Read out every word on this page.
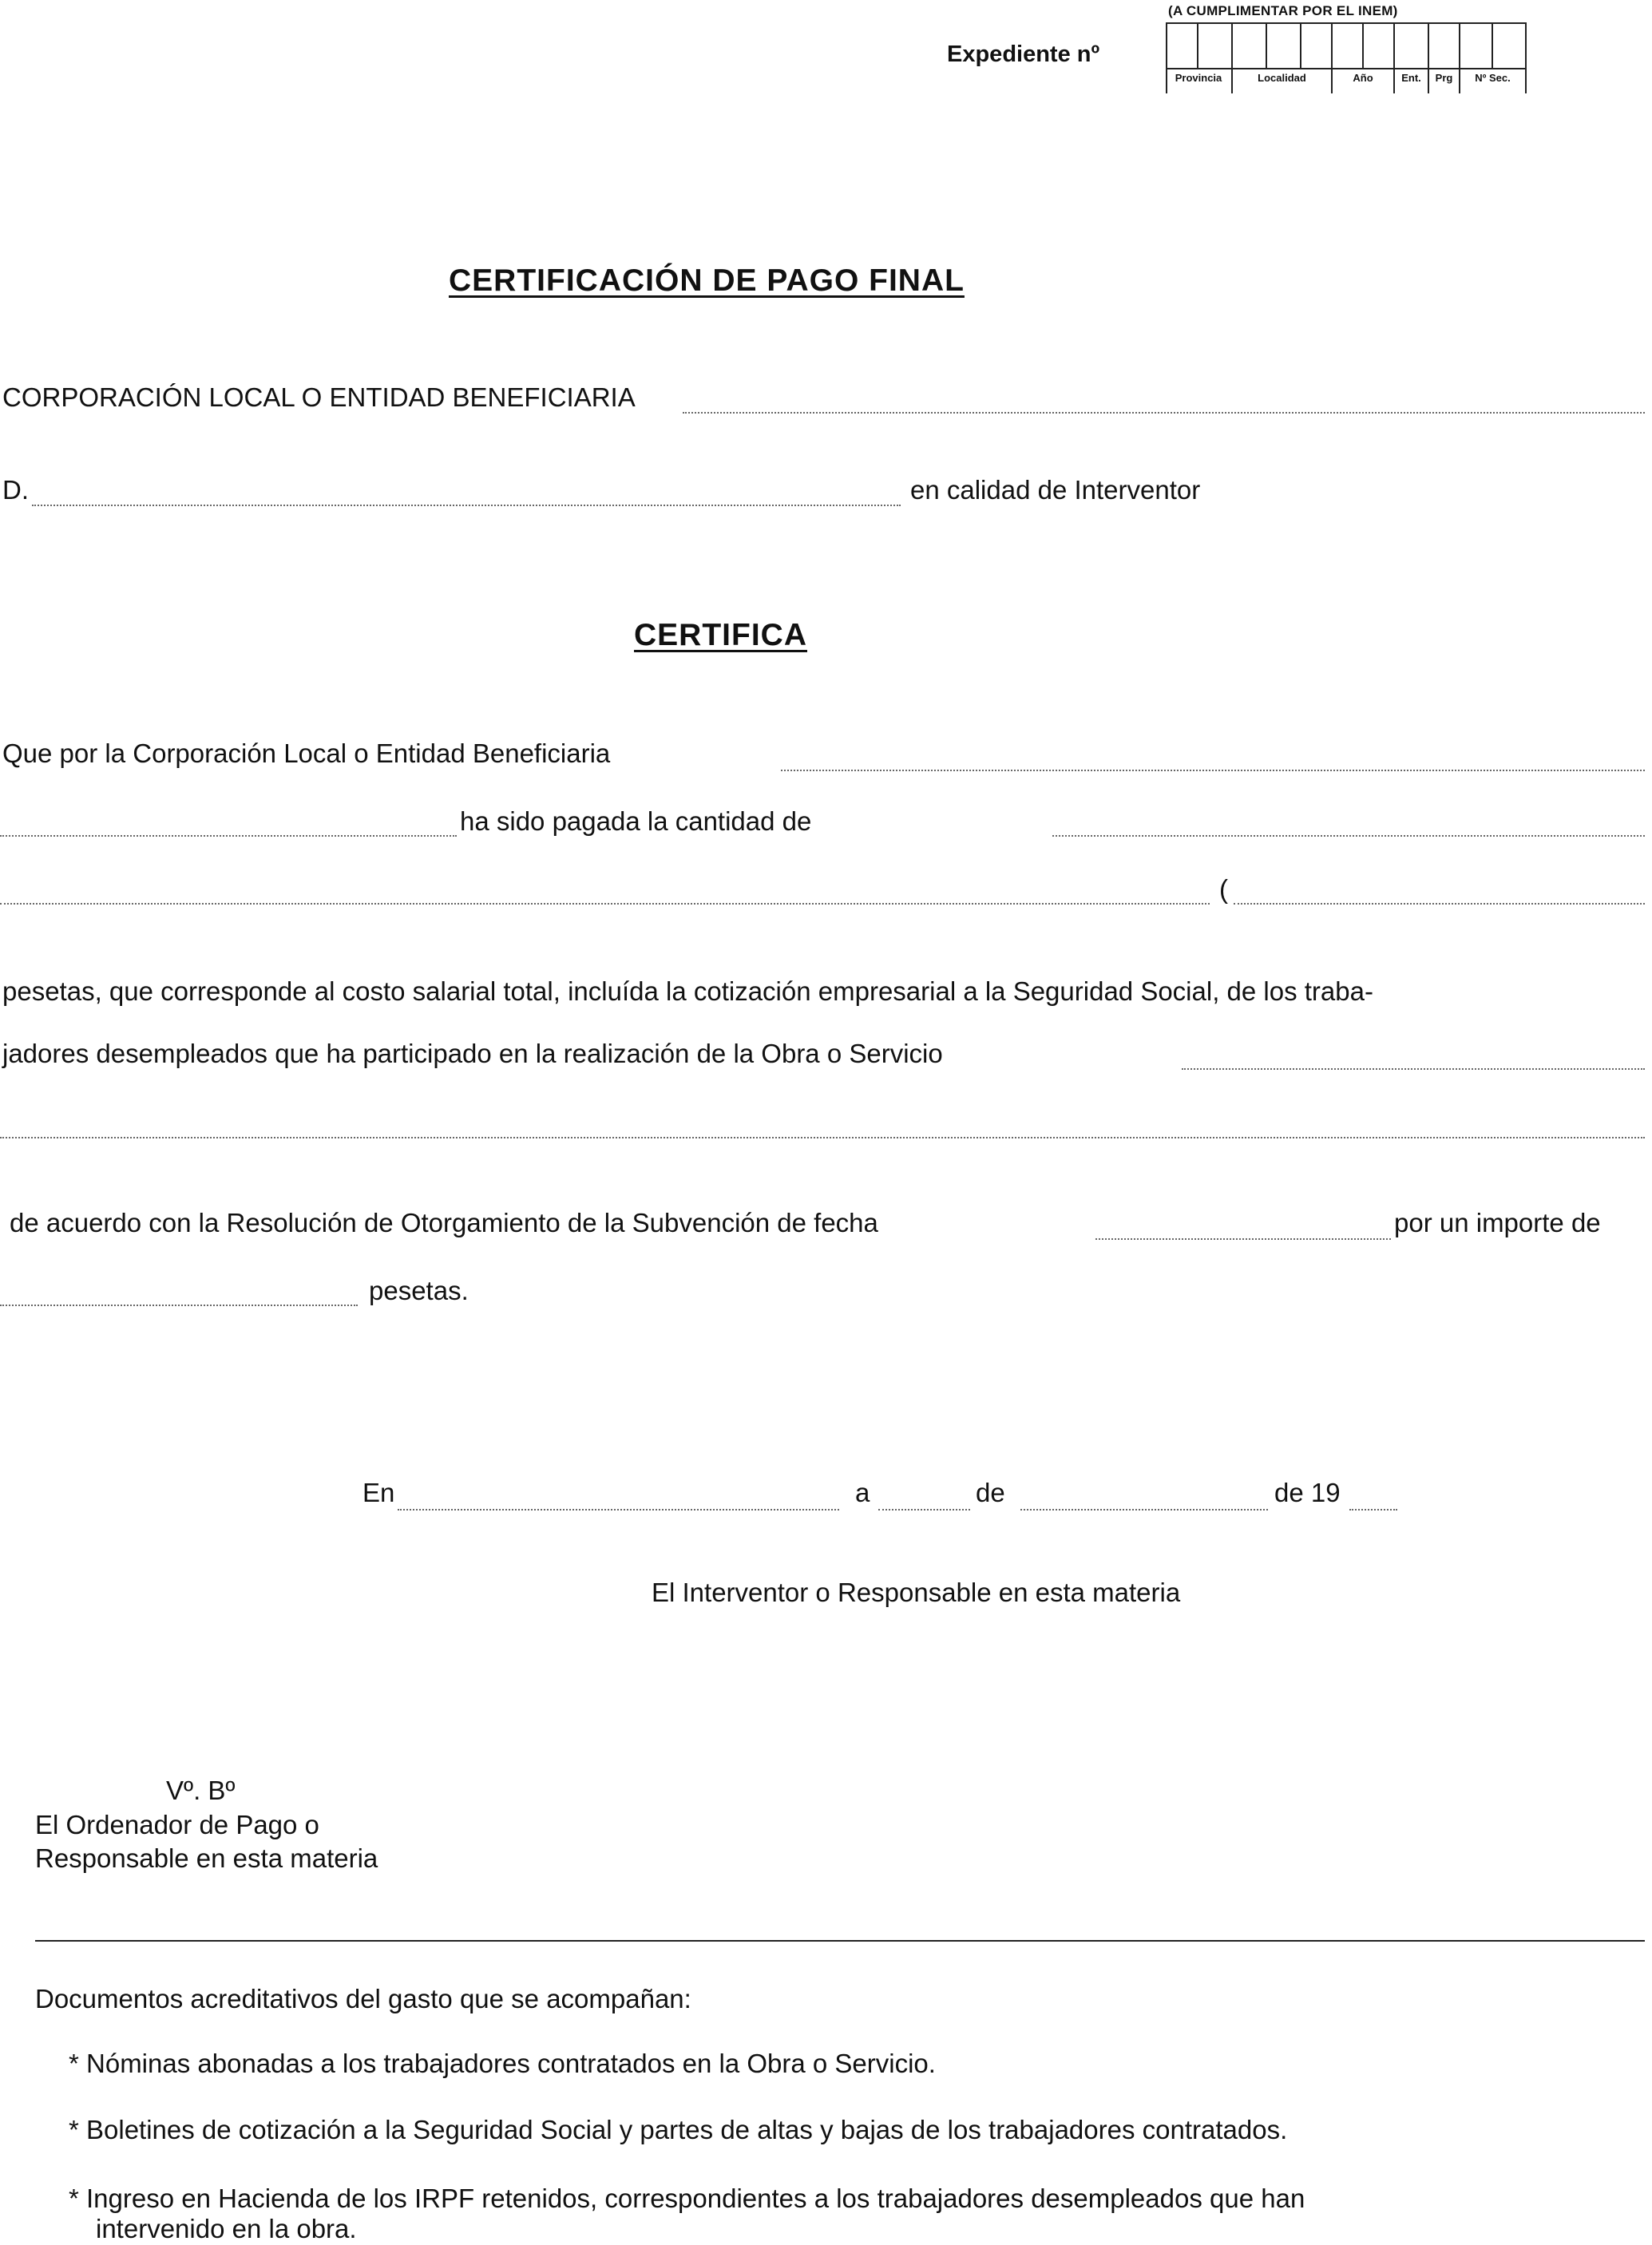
(A CUMPLIMENTAR POR EL INEM)
Expediente nº
Provincia	Localidad	Año	Ent.	Prg	Nº Sec.
CERTIFICACIÓN DE PAGO FINAL
CORPORACIÓN LOCAL O ENTIDAD BENEFICIARIA
D.	en calidad de Interventor
CERTIFICA
Que por la Corporación Local o Entidad Beneficiaria
ha sido pagada la cantidad de
(
pesetas, que corresponde al costo salarial total, incluída la cotización empresarial a la Seguridad Social, de los traba-
jadores desempleados que ha participado en la realización de la Obra o Servicio
de acuerdo con la Resolución de Otorgamiento de la Subvención de fecha	por un importe de
pesetas.
En	a	de	de 19
El Interventor o Responsable en esta materia
Vº. Bº
El Ordenador de Pago o
Responsable en esta materia
Documentos acreditativos del gasto que se acompañan:
* Nóminas abonadas a los trabajadores contratados en la Obra o Servicio.
* Boletines de cotización a la Seguridad Social y partes de altas y bajas de los trabajadores contratados.
* Ingreso en Hacienda de los IRPF retenidos, correspondientes a los trabajadores desempleados que han
intervenido en la obra.
